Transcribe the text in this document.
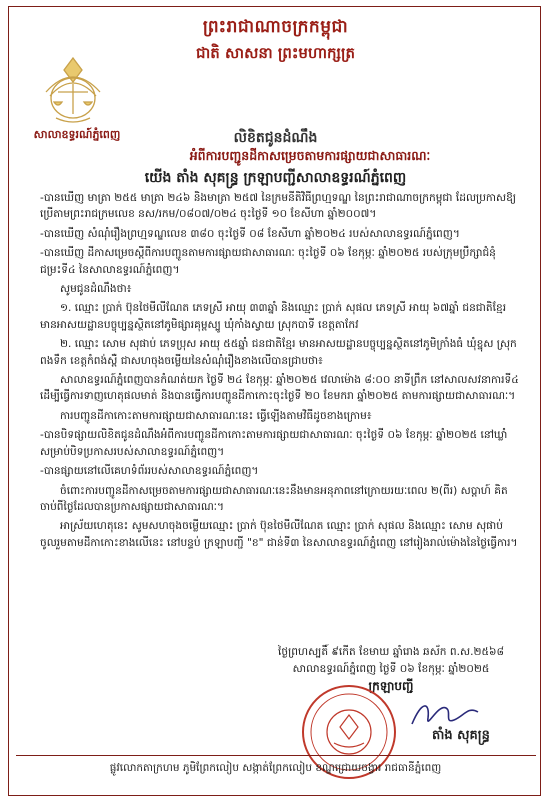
ព្រះរាជាណាចក្រកម្ពុជា
ជាតិ សាសនា ព្រះមហាក្សត្រ
សាលាឧទ្ធរណ៍ភ្នំពេញ	លិខិតជូនដំណឹង
អំពីការបញ្ជូនដីកាសម្រេចតាមការផ្សាយជាសាធារណៈ
យើង តាំង សុគន្ធ្រ ក្រឡាបញ្ជីសាលាឧទ្ធរណ៍ភ្នំពេញ

-បានឃើញ មាត្រា ២៥៥ មាត្រា ២៤៦ និងមាត្រា ២៥៧ នៃក្រមនីតិវិធីព្រហ្មទណ្ឌ នៃព្រះរាជាណាចក្រកម្ពុជា ដែលប្រកាសឱ្យប្រើតាមព្រះរាជក្រមលេខ នស/រកម/០៨០៧/០២៤ ចុះថ្ងៃទី ១០ ខែសីហា ឆ្នាំ២០០៧។

-បានឃើញ សំណុំរឿងព្រហ្មទណ្ឌលេខ ៣៨០ ចុះថ្ងៃទី ០៨ ខែសីហា ឆ្នាំ២០២៤ របស់សាលាឧទ្ធរណ៍ភ្នំពេញ។

-បានឃើញ ដីកាសម្រេចស្តីពីការបញ្ជូនតាមការផ្សាយជាសាធារណៈ ចុះថ្ងៃទី ០៦ ខែកុម្ភៈ ឆ្នាំ២០២៥ របស់ក្រុមប្រឹក្សាជំនុំជម្រះទី៤ នៃសាលាឧទ្ធរណ៍ភ្នំពេញ។

សូមជូនដំណឹងថា៖

១. ឈ្មោះ ប្រាក់ ប៊ុនថៃមីលីណែត ភេទស្រី អាយុ ៣៣ឆ្នាំ និងឈ្មោះ ប្រាក់ សុផល ភេទស្រី អាយុ ៦៧ឆ្នាំ ជនជាតិខ្មែរ មានអាសយដ្ឋានបច្ចុប្បន្នស្ថិតនៅភូមិផ្សារគុម្ពស្បូ ឃុំកាំងស្វាយ ស្រុកបាទី ខេត្តតាកែវ

២. ឈ្មោះ សោម សុផាប់ ភេទប្រុស អាយុ ៥៥ឆ្នាំ ជនជាតិខ្មែរ មានអាសយដ្ឋានបច្ចុប្បន្នស្ថិតនៅភូមិក្រាំងធំ ឃុំខ្នុស ស្រុកពងទឹក ខេត្តកំពង់ស្ពឺ ជាសហចុងចម្លើយនៃសំណុំរឿងខាងលើបានជ្រាបថា៖

សាលាឧទ្ធរណ៍ភ្នំពេញបានកំណត់យក ថ្ងៃទី ២៤ ខែកុម្ភៈ ឆ្នាំ២០២៥ វេលាម៉ោង ៨:០០ នាទីព្រឹក នៅសាលសវនាការទី៤ ដើម្បីធ្វើការទាញហេតុផលមាត់ និងបានធ្វើការបញ្ជូនដីកាកោះចុះថ្ងៃទី ២០ ខែមករា ឆ្នាំ២០២៥ តាមការផ្សាយជាសាធារណៈ។

ការបញ្ជូនដីកាកោះតាមការផ្សាយជាសាធារណៈនេះ ធ្វើឡើងតាមវិធីដូចខាងក្រោម៖

-បានបិទផ្សាយលិខិតជូនដំណឹងអំពីការបញ្ជូនដីកាកោះតាមការផ្សាយជាសាធារណៈ ចុះថ្ងៃទី ០៦ ខែកុម្ភៈ ឆ្នាំ២០២៥ នៅឃ្លាំសម្រាប់បិទប្រកាសរបស់សាលាឧទ្ធរណ៍ភ្នំពេញ។

-បានផ្សាយនៅលើគេហទំព័ររបស់សាលាឧទ្ធរណ៍ភ្នំពេញ។

ចំពោះការបញ្ជូនដីកាសម្រេចតាមការផ្សាយជាសាធារណៈនេះនឹងមានអនុភាពនៅក្រោយរយៈពេល ២(ពីរ) សប្តាហ៍ គិតចាប់ពីថ្ងៃដែលបានប្រកាសផ្សាយជាសាធារណៈ។

អាស្រ័យហេតុនេះ សូមសហចុងចម្លើយឈ្មោះ ប្រាក់ ប៊ុនថៃមីលីណែត ឈ្មោះ ប្រាក់ សុផល និងឈ្មោះ សោម សុផាប់ ចូលរួមតាមដីកាកោះខាងលើនេះ នៅបន្ទប់ ក្រឡាបញ្ជី "ខ" ជាន់ទី៣ នៃសាលាឧទ្ធរណ៍ភ្នំពេញ នៅរៀងរាល់ម៉ោងនៃថ្ងៃធ្វើការ។

ថ្ងៃព្រហស្បតិ៍ ៩កើត ខែមាឃ ឆ្នាំរោង ឆស័ក ព.ស.២៥៦៨
សាលាឧទ្ធរណ៍ភ្នំពេញ ថ្ងៃទី ០៦ ខែកុម្ភៈ ឆ្នាំ២០២៥
ក្រឡាបញ្ជី
តាំង សុគន្ធ្រ
ផ្លូវលោកតាក្រហម ភូមិព្រែកលៀប សង្កាត់ព្រែកលៀប ខណ្ឌជ្រោយចង្វារ រាជធានីភ្នំពេញ
